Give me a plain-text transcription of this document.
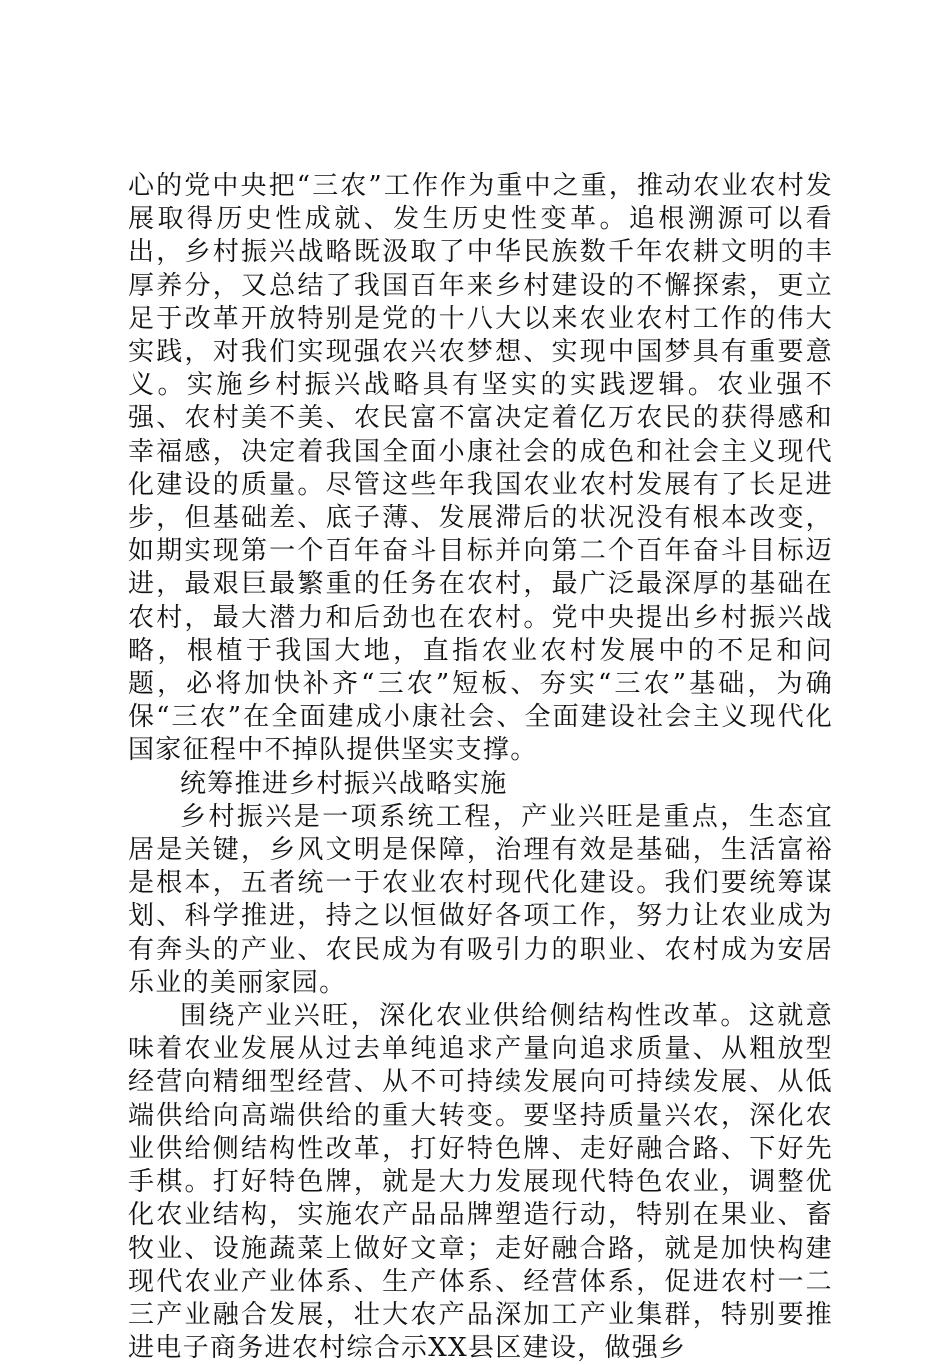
心的党中央把“三农”工作作为重中之重，推动农业农村发展取得历史性成就、发生历史性变革。追根溯源可以看出，乡村振兴战略既汲取了中华民族数千年农耕文明的丰厚养分，又总结了我国百年来乡村建设的不懈探索，更立足于改革开放特别是党的十八大以来农业农村工作的伟大实践，对我们实现强农兴农梦想、实现中国梦具有重要意义。实施乡村振兴战略具有坚实的实践逻辑。农业强不强、农村美不美、农民富不富决定着亿万农民的获得感和幸福感，决定着我国全面小康社会的成色和社会主义现代化建设的质量。尽管这些年我国农业农村发展有了长足进步，但基础差、底子薄、发展滞后的状况没有根本改变，如期实现第一个百年奋斗目标并向第二个百年奋斗目标迈进，最艰巨最繁重的任务在农村，最广泛最深厚的基础在农村，最大潜力和后劲也在农村。党中央提出乡村振兴战略，根植于我国大地，直指农业农村发展中的不足和问题，必将加快补齐“三农”短板、夯实“三农”基础，为确保“三农”在全面建成小康社会、全面建设社会主义现代化国家征程中不掉队提供坚实支撑。

统筹推进乡村振兴战略实施

乡村振兴是一项系统工程，产业兴旺是重点，生态宜居是关键，乡风文明是保障，治理有效是基础，生活富裕是根本，五者统一于农业农村现代化建设。我们要统筹谋划、科学推进，持之以恒做好各项工作，努力让农业成为有奔头的产业、农民成为有吸引力的职业、农村成为安居乐业的美丽家园。

围绕产业兴旺，深化农业供给侧结构性改革。这就意味着农业发展从过去单纯追求产量向追求质量、从粗放型经营向精细型经营、从不可持续发展向可持续发展、从低端供给向高端供给的重大转变。要坚持质量兴农，深化农业供给侧结构性改革，打好特色牌、走好融合路、下好先手棋。打好特色牌，就是大力发展现代特色农业，调整优化农业结构，实施农产品品牌塑造行动，特别在果业、畜牧业、设施蔬菜上做好文章；走好融合路，就是加快构建现代农业产业体系、生产体系、经营体系，促进农村一二三产业融合发展，壮大农产品深加工产业集群，特别要推进电子商务进农村综合示XX县区建设，做强乡
